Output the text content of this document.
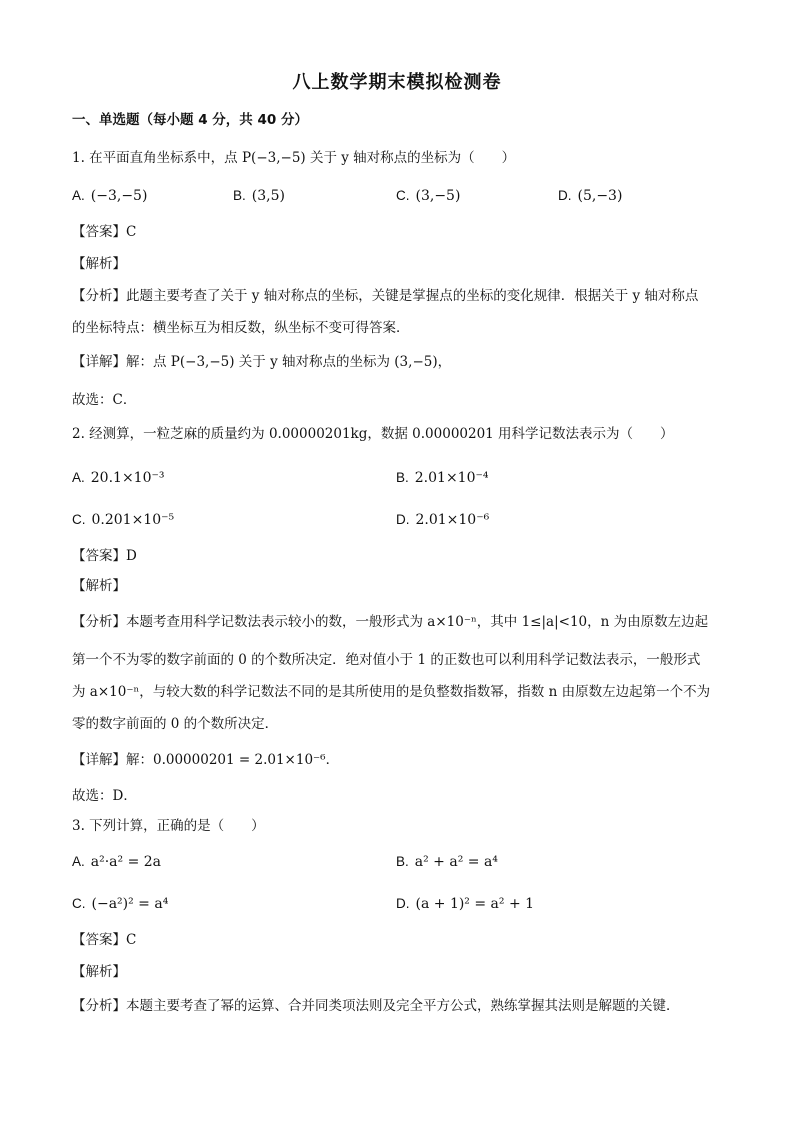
八上数学期末模拟检测卷
一、单选题（每小题 4 分，共 40 分）
1. 在平面直角坐标系中，点 P(−3,−5) 关于 y 轴对称点的坐标为（　　）
A. (−3,−5)	B. (3,5)	C. (3,−5)	D. (5,−3)
【答案】C
【解析】
【分析】此题主要考查了关于 y 轴对称点的坐标，关键是掌握点的坐标的变化规律．根据关于 y 轴对称点
的坐标特点：横坐标互为相反数，纵坐标不变可得答案．
【详解】解：点 P(−3,−5) 关于 y 轴对称点的坐标为 (3,−5)，
故选：C．
2. 经测算，一粒芝麻的质量约为 0.00000201kg，数据 0.00000201 用科学记数法表示为（　　）
A. 20.1×10⁻³	B. 2.01×10⁻⁴
C. 0.201×10⁻⁵	D. 2.01×10⁻⁶
【答案】D
【解析】
【分析】本题考查用科学记数法表示较小的数，一般形式为 a×10⁻ⁿ，其中 1≤|a|<10，n 为由原数左边起
第一个不为零的数字前面的 0 的个数所决定．绝对值小于 1 的正数也可以利用科学记数法表示，一般形式
为 a×10⁻ⁿ，与较大数的科学记数法不同的是其所使用的是负整数指数幂，指数 n 由原数左边起第一个不为
零的数字前面的 0 的个数所决定．
【详解】解：0.00000201 = 2.01×10⁻⁶．
故选：D．
3. 下列计算，正确的是（　　）
A. a²·a² = 2a	B. a² + a² = a⁴
C. (−a²)² = a⁴	D. (a + 1)² = a² + 1
【答案】C
【解析】
【分析】本题主要考查了幂的运算、合并同类项法则及完全平方公式，熟练掌握其法则是解题的关键．
